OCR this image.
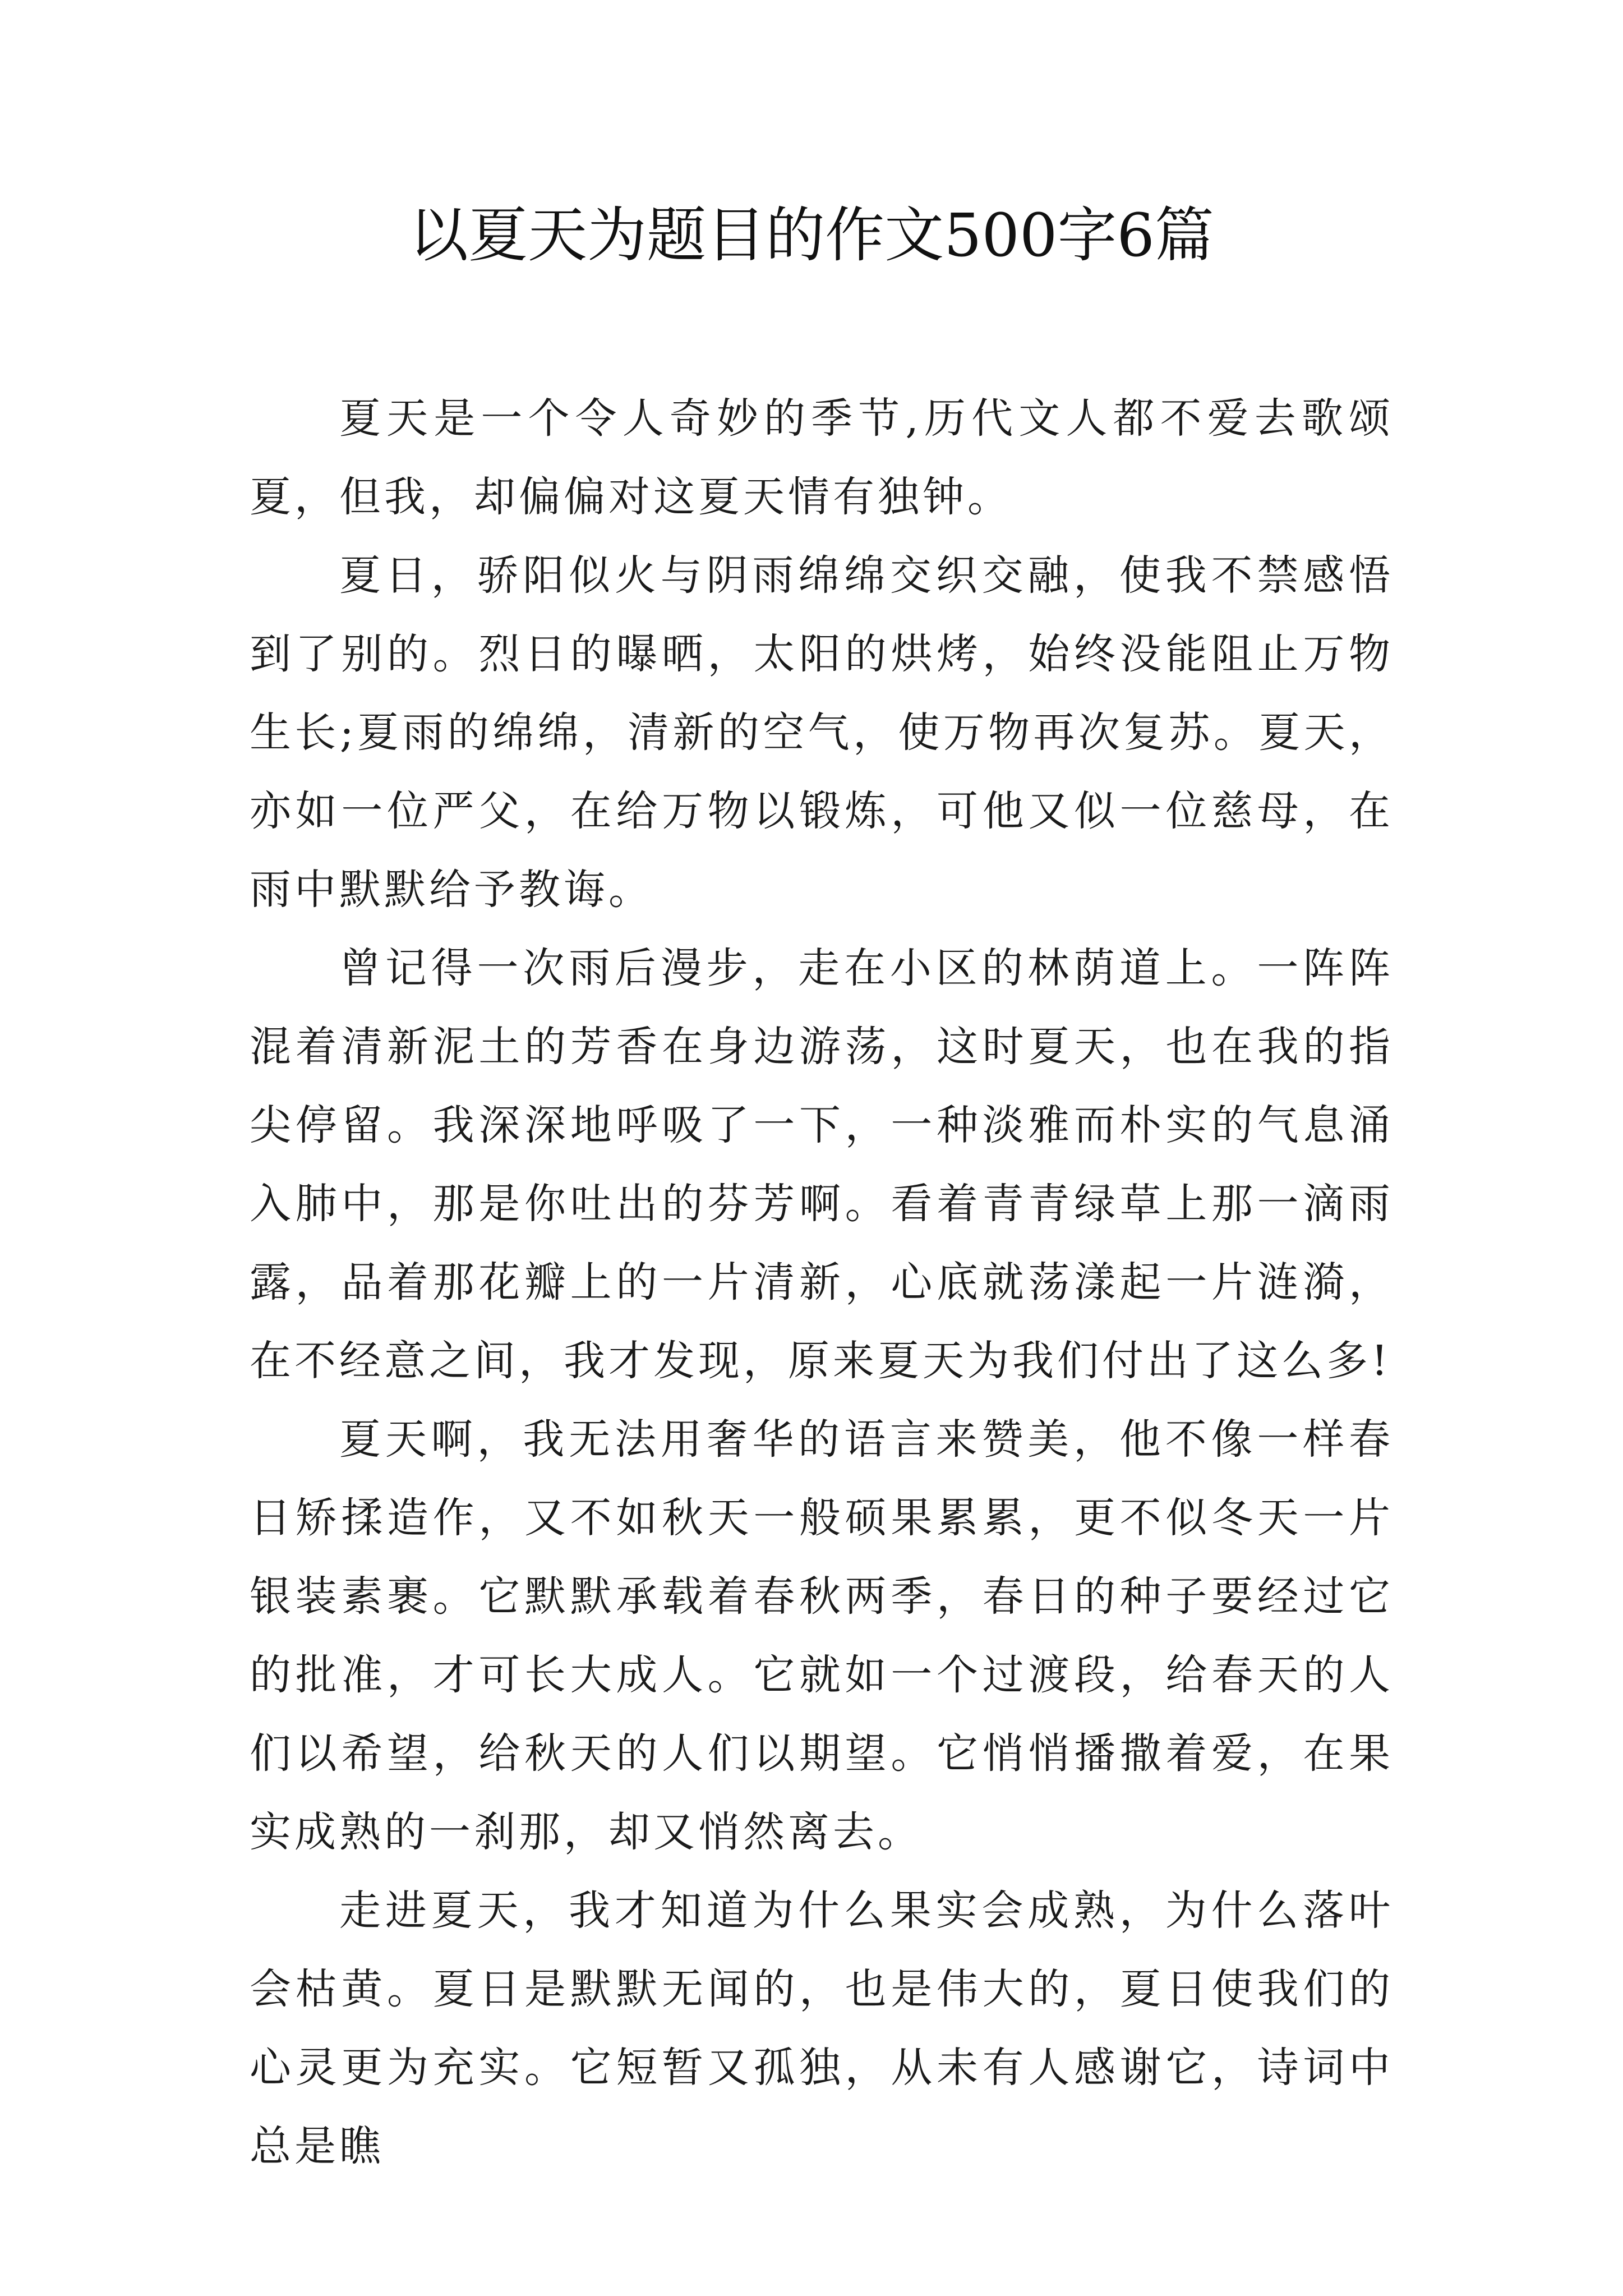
以夏天为题目的作文500字6篇

夏天是一个令人奇妙的季节,历代文人都不爱去歌颂夏，但我，却偏偏对这夏天情有独钟。

夏日，骄阳似火与阴雨绵绵交织交融，使我不禁感悟到了别的。烈日的曝晒，太阳的烘烤，始终没能阻止万物生长;夏雨的绵绵，清新的空气，使万物再次复苏。夏天，亦如一位严父，在给万物以锻炼，可他又似一位慈母，在雨中默默给予教诲。

曾记得一次雨后漫步，走在小区的林荫道上。一阵阵混着清新泥土的芳香在身边游荡，这时夏天，也在我的指尖停留。我深深地呼吸了一下，一种淡雅而朴实的气息涌入肺中，那是你吐出的芬芳啊。看着青青绿草上那一滴雨露，品着那花瓣上的一片清新，心底就荡漾起一片涟漪，在不经意之间，我才发现，原来夏天为我们付出了这么多!

夏天啊，我无法用奢华的语言来赞美，他不像一样春日矫揉造作，又不如秋天一般硕果累累，更不似冬天一片银装素裹。它默默承载着春秋两季，春日的种子要经过它的批准，才可长大成人。它就如一个过渡段，给春天的人们以希望，给秋天的人们以期望。它悄悄播撒着爱，在果实成熟的一刹那，却又悄然离去。

走进夏天，我才知道为什么果实会成熟，为什么落叶会枯黄。夏日是默默无闻的，也是伟大的，夏日使我们的心灵更为充实。它短暂又孤独，从未有人感谢它，诗词中总是瞧
